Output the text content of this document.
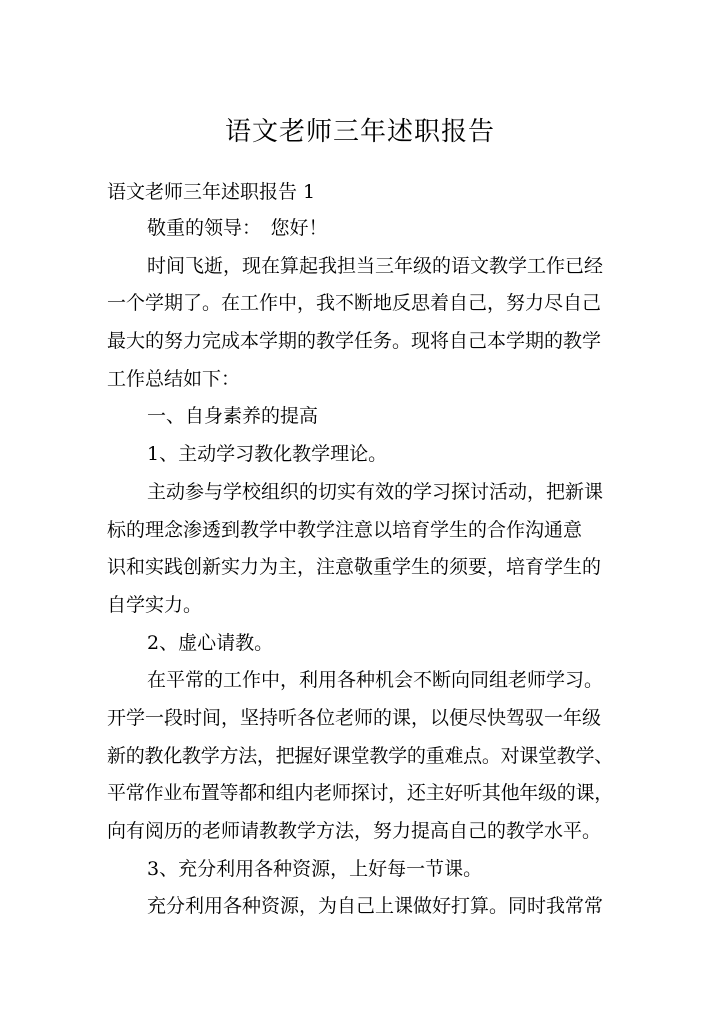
语文老师三年述职报告
语文老师三年述职报告 1
敬重的领导：　您好！
时间飞逝，现在算起我担当三年级的语文教学工作已经
一个学期了。在工作中，我不断地反思着自己，努力尽自己
最大的努力完成本学期的教学任务。现将自己本学期的教学
工作总结如下：
一、自身素养的提高
1、主动学习教化教学理论。
主动参与学校组织的切实有效的学习探讨活动，把新课
标的理念渗透到教学中教学注意以培育学生的合作沟通意
识和实践创新实力为主，注意敬重学生的须要，培育学生的
自学实力。
2、虚心请教。
在平常的工作中，利用各种机会不断向同组老师学习。
开学一段时间，坚持听各位老师的课，以便尽快驾驭一年级
新的教化教学方法，把握好课堂教学的重难点。对课堂教学、
平常作业布置等都和组内老师探讨，还主好听其他年级的课，
向有阅历的老师请教教学方法，努力提高自己的教学水平。
3、充分利用各种资源，上好每一节课。
充分利用各种资源，为自己上课做好打算。同时我常常
